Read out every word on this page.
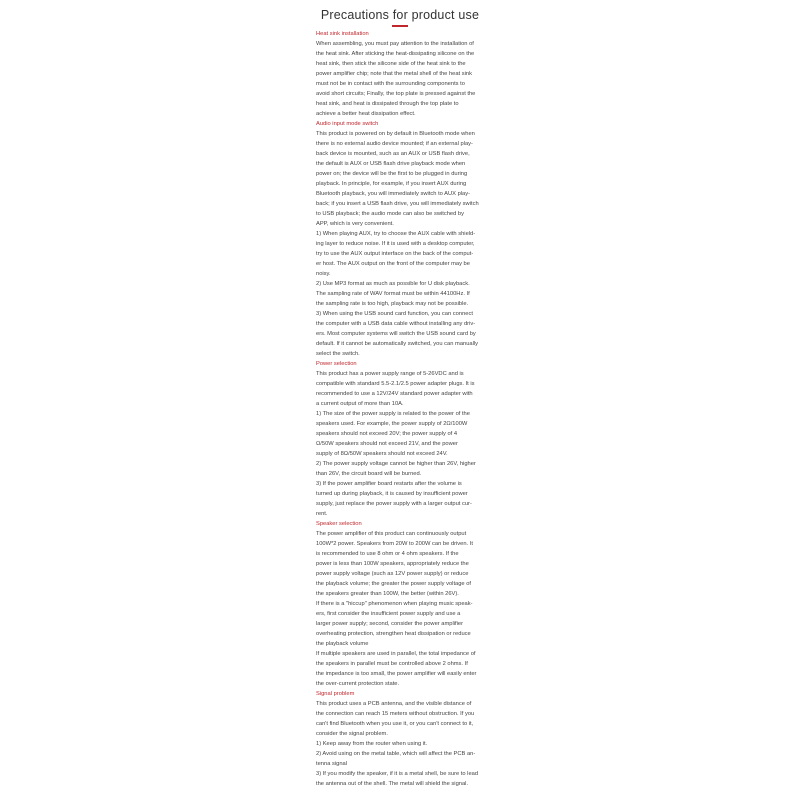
Precautions for product use
Heat sink installation
When assembling, you must pay attention to the installation of
the heat sink. After sticking the heat-dissipating silicone on the
heat sink, then stick the silicone side of the heat sink to the
power amplifier chip; note that the metal shell of the heat sink
must not be in contact with the surrounding components to
avoid short circuits; Finally, the top plate is pressed against the
heat sink, and heat is dissipated through the top plate to
achieve a better heat dissipation effect.
Audio input mode switch
This product is powered on by default in Bluetooth mode when
there is no external audio device mounted; if an external play-
back device is mounted, such as an AUX or USB flash drive,
the default is AUX or USB flash drive playback mode when
power on; the device will be the first to be plugged in during
playback. In principle, for example, if you insert AUX during
Bluetooth playback, you will immediately switch to AUX play-
back; if you insert a USB flash drive, you will immediately switch
to USB playback; the audio mode can also be switched by
APP, which is very convenient.
1) When playing AUX, try to choose the AUX cable with shield-
ing layer to reduce noise. If it is used with a desktop computer,
try to use the AUX output interface on the back of the comput-
er host. The AUX output on the front of the computer may be
noisy.
2) Use MP3 format as much as possible for U disk playback.
The sampling rate of WAV format must be within 44100Hz. If
the sampling rate is too high, playback may not be possible.
3) When using the USB sound card function, you can connect
the computer with a USB data cable without installing any driv-
ers. Most computer systems will switch the USB sound card by
default. If it cannot be automatically switched, you can manually
select the switch.
Power selection
This product has a power supply range of 5-26VDC and is
compatible with standard 5.5-2.1/2.5 power adapter plugs. It is
recommended to use a 12V/24V standard power adapter with
a current output of more than 10A.
1) The size of the power supply is related to the power of the
speakers used. For example, the power supply of 2Ω/100W
speakers should not exceed 20V; the power supply of 4
Ω/50W speakers should not exceed 21V, and the power
supply of 8Ω/50W speakers should not exceed 24V.
2) The power supply voltage cannot be higher than 26V, higher
than 26V, the circuit board will be burned.
3) If the power amplifier board restarts after the volume is
turned up during playback, it is caused by insufficient power
supply, just replace the power supply with a larger output cur-
rent.
Speaker selection
The power amplifier of this product can continuously output
100W*2 power. Speakers from 20W to 200W can be driven. It
is recommended to use 8 ohm or 4 ohm speakers. If the
power is less than 100W speakers, appropriately reduce the
power supply voltage (such as 12V power supply) or reduce
the playback volume; the greater the power supply voltage of
the speakers greater than 100W, the better (within 26V).
If there is a "hiccup" phenomenon when playing music speak-
ers, first consider the insufficient power supply and use a
larger power supply; second, consider the power amplifier
overheating protection, strengthen heat dissipation or reduce
the playback volume
If multiple speakers are used in parallel, the total impedance of
the speakers in parallel must be controlled above 2 ohms. If
the impedance is too small, the power amplifier will easily enter
the over-current protection state.
Signal problem
This product uses a PCB antenna, and the visible distance of
the connection can reach 15 meters without obstruction. If you
can't find Bluetooth when you use it, or you can't connect to it,
consider the signal problem.
1) Keep away from the router when using it.
2) Avoid using on the metal table, which will affect the PCB an-
tenna signal
3) If you modify the speaker, if it is a metal shell, be sure to lead
the antenna out of the shell. The metal will shield the signal.
